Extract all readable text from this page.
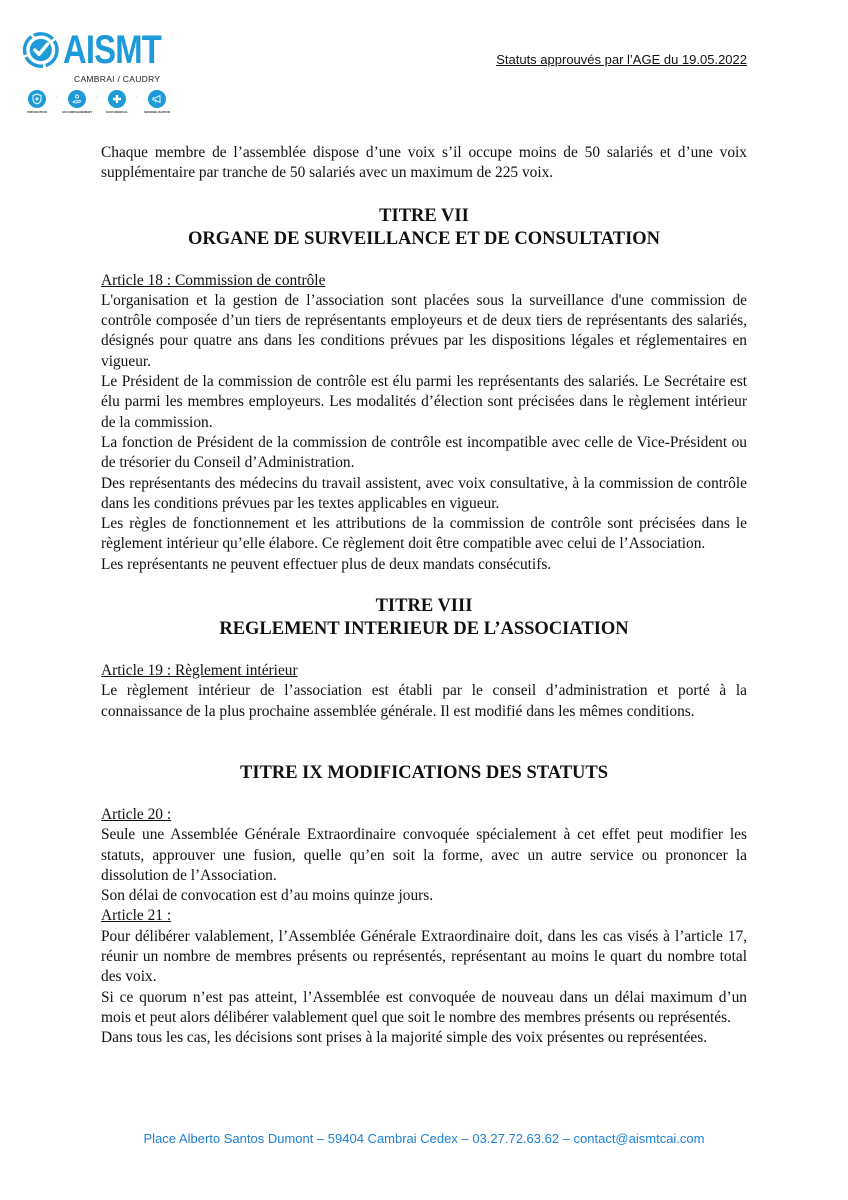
AISMT
CAMBRAI / CAUDRY
PRÉVENTION
·
ACCOMPAGNEMENT
·
SUIVI MÉDICAL
·
SENSIBILISATION
Statuts approuvés par l’AGE du 19.05.2022

Chaque membre de l’assemblée dispose d’une voix s’il occupe moins de 50 salariés et d’une voix supplémentaire par tranche de 50 salariés avec un maximum de 225 voix.

TITRE VII
ORGANE DE SURVEILLANCE ET DE CONSULTATION

Article 18 : Commission de contrôle

L'organisation et la gestion de l’association sont placées sous la surveillance d'une commission de contrôle composée d’un tiers de représentants employeurs et de deux tiers de représentants des salariés, désignés pour quatre ans dans les conditions prévues par les dispositions légales et réglementaires en vigueur.

Le Président de la commission de contrôle est élu parmi les représentants des salariés. Le Secrétaire est élu parmi les membres employeurs. Les modalités d’élection sont précisées dans le règlement intérieur de la commission.

La fonction de Président de la commission de contrôle est incompatible avec celle de Vice-Président ou de trésorier du Conseil d’Administration.

Des représentants des médecins du travail assistent, avec voix consultative, à la commission de contrôle dans les conditions prévues par les textes applicables en vigueur.

Les règles de fonctionnement et les attributions de la commission de contrôle sont précisées dans le règlement intérieur qu’elle élabore. Ce règlement doit être compatible avec celui de l’Association.

Les représentants ne peuvent effectuer plus de deux mandats consécutifs.

TITRE VIII
REGLEMENT INTERIEUR DE L’ASSOCIATION

Article 19 : Règlement intérieur

Le règlement intérieur de l’association est établi par le conseil d’administration et porté à la connaissance de la plus prochaine assemblée générale. Il est modifié dans les mêmes conditions.

TITRE IX MODIFICATIONS DES STATUTS

Article 20 :

Seule une Assemblée Générale Extraordinaire convoquée spécialement à cet effet peut modifier les statuts, approuver une fusion, quelle qu’en soit la forme, avec un autre service ou prononcer la dissolution de l’Association.

Son délai de convocation est d’au moins quinze jours.

Article 21 :

Pour délibérer valablement, l’Assemblée Générale Extraordinaire doit, dans les cas visés à l’article 17, réunir un nombre de membres présents ou représentés, représentant au moins le quart du nombre total des voix.

Si ce quorum n’est pas atteint, l’Assemblée est convoquée de nouveau dans un délai maximum d’un mois et peut alors délibérer valablement quel que soit le nombre des membres présents ou représentés.

Dans tous les cas, les décisions sont prises à la majorité simple des voix présentes ou représentées.

Place Alberto Santos Dumont – 59404 Cambrai Cedex – 03.27.72.63.62 – contact@aismtcai.com
